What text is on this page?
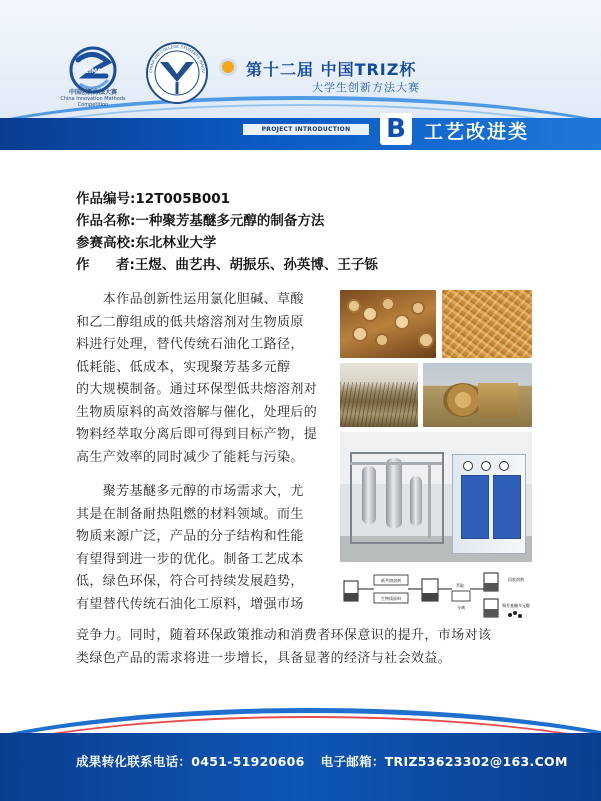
CIMC
中国创新方法大赛
China Innovation Methods Competition
CHINA UNI COLLEGE STUDENTS INNOV 第十二届 中国TRIZ杯
大学生创新方法大赛
PROJECT INTRODUCTION	B 工艺改进类
作品编号:12T005B001
作品名称:一种聚芳基醚多元醇的制备方法
参赛高校:东北林业大学
作 者:王煜、曲艺冉、胡振乐、孙英博、王子铄
　　本作品创新性运用氯化胆碱、草酸
和乙二醇组成的低共熔溶剂对生物质原
料进行处理，替代传统石油化工路径，
低耗能、低成本，实现聚芳基多元醇
的大规模制备。通过环保型低共熔溶剂对
生物质原料的高效溶解与催化，处理后的
物料经萃取分离后即可得到目标产物，提
高生产效率的同时减少了能耗与污染。
　　聚芳基醚多元醇的市场需求大，尤
其是在制备耐热阻燃的材料领域。而生
物质来源广泛，产品的分子结构和性能
有望得到进一步的优化。制备工艺成本
低，绿色环保，符合可持续发展趋势，
有望替代传统石油化工原料，增强市场
竞争力。同时，随着环保政策推动和消费者环保意识的提升，市场对该
类绿色产品的需求将进一步增长，具备显著的经济与社会效益。
低共熔溶剂
生物质原料
萃取
分离
回收溶剂
聚芳基醚多元醇
成果转化联系电话：0451-51920606 电子邮箱：TRIZ53623302@163.COM
